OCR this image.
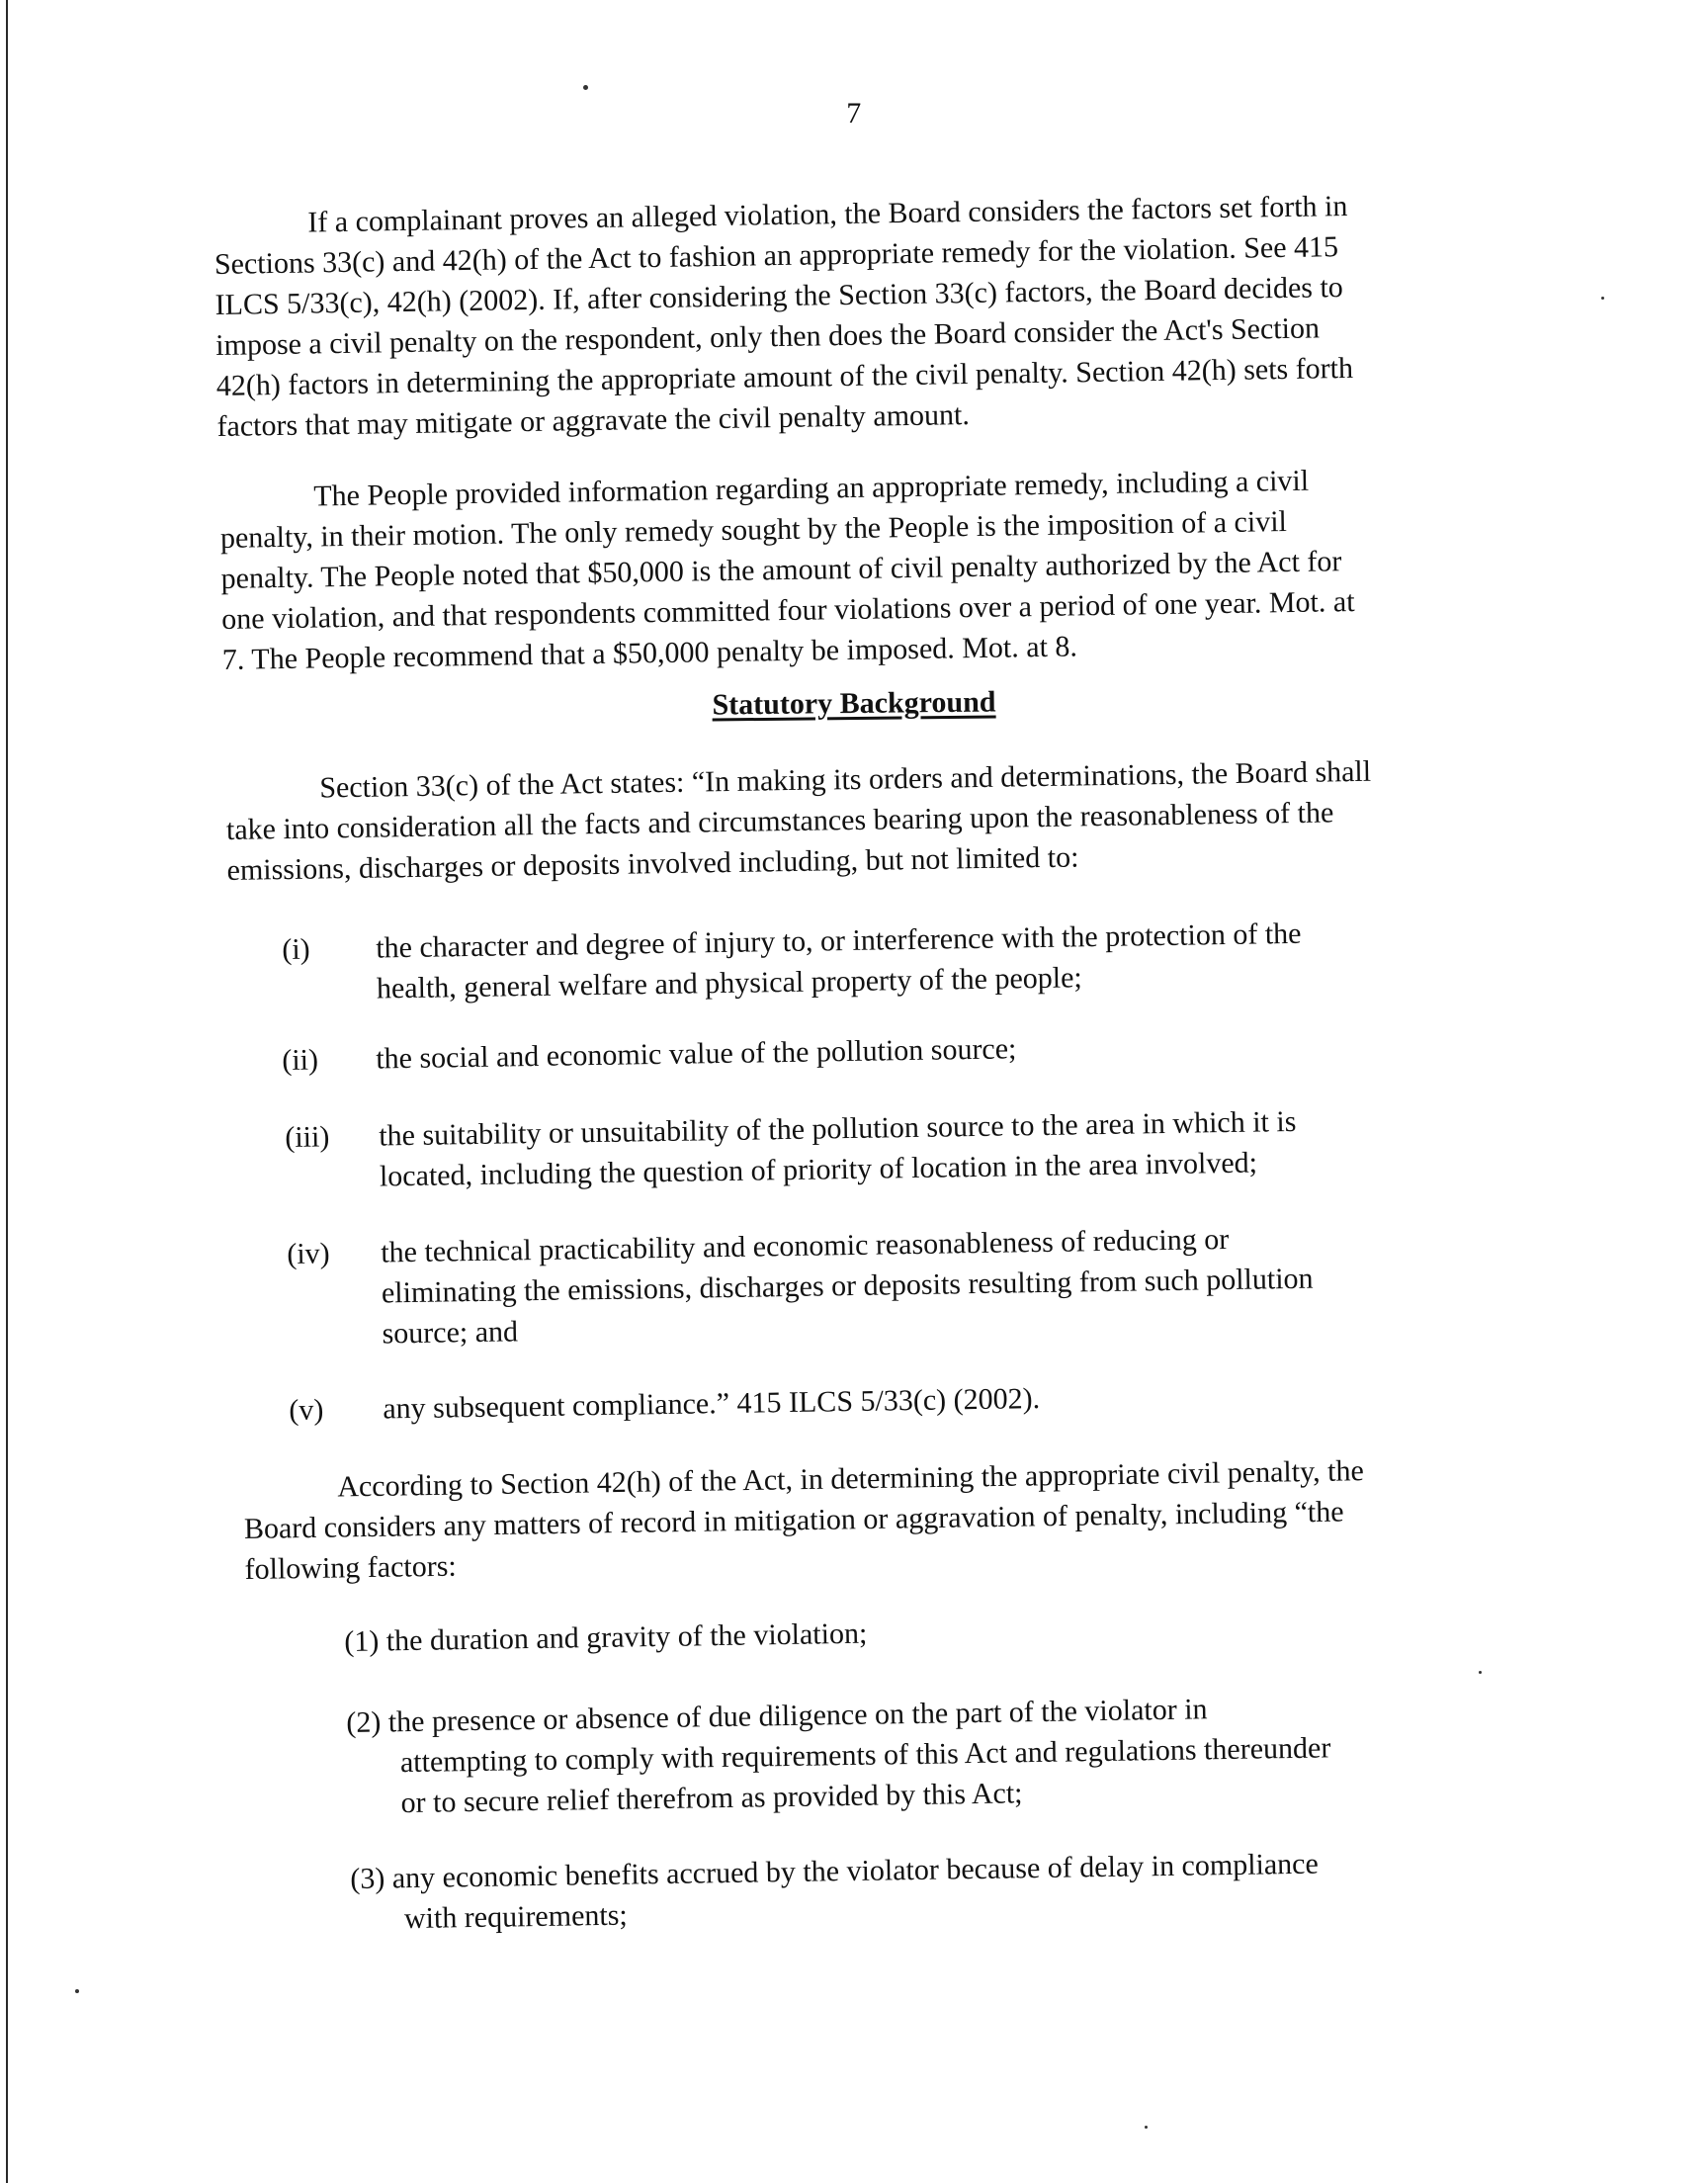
7
If a complainant proves an alleged violation, the Board considers the factors set forth in
Sections 33(c) and 42(h) of the Act to fashion an appropriate remedy for the violation. See 415
ILCS 5/33(c), 42(h) (2002). If, after considering the Section 33(c) factors, the Board decides to
impose a civil penalty on the respondent, only then does the Board consider the Act's Section
42(h) factors in determining the appropriate amount of the civil penalty. Section 42(h) sets forth
factors that may mitigate or aggravate the civil penalty amount.
The People provided information regarding an appropriate remedy, including a civil
penalty, in their motion. The only remedy sought by the People is the imposition of a civil
penalty. The People noted that $50,000 is the amount of civil penalty authorized by the Act for
one violation, and that respondents committed four violations over a period of one year. Mot. at
7. The People recommend that a $50,000 penalty be imposed. Mot. at 8.
Statutory Background
Section 33(c) of the Act states: “In making its orders and determinations, the Board shall
take into consideration all the facts and circumstances bearing upon the reasonableness of the
emissions, discharges or deposits involved including, but not limited to:
(i) the character and degree of injury to, or interference with the protection of the
health, general welfare and physical property of the people;
(ii) the social and economic value of the pollution source;
(iii) the suitability or unsuitability of the pollution source to the area in which it is
located, including the question of priority of location in the area involved;
(iv) the technical practicability and economic reasonableness of reducing or
eliminating the emissions, discharges or deposits resulting from such pollution
source; and
(v) any subsequent compliance.” 415 ILCS 5/33(c) (2002).
According to Section 42(h) of the Act, in determining the appropriate civil penalty, the
Board considers any matters of record in mitigation or aggravation of penalty, including “the
following factors:
(1) the duration and gravity of the violation;
(2) the presence or absence of due diligence on the part of the violator in
attempting to comply with requirements of this Act and regulations thereunder
or to secure relief therefrom as provided by this Act;
(3) any economic benefits accrued by the violator because of delay in compliance
with requirements;
